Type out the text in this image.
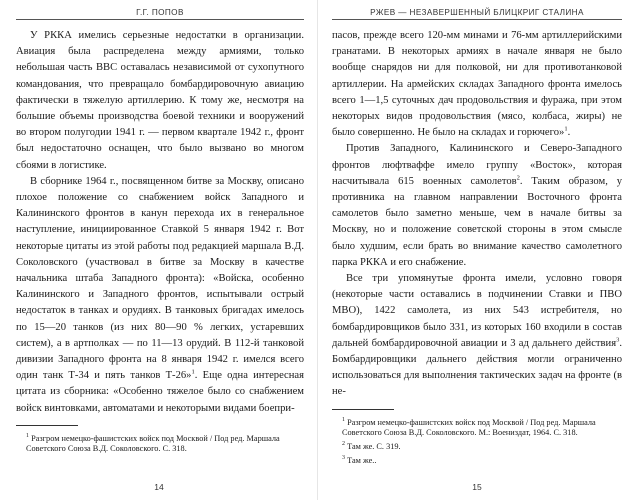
Г.Г. ПОПОВ

У РККА имелись серьезные недостатки в организации. Авиация была распределена между армиями, только небольшая часть ВВС оставалась независимой от сухопутного командования, что превращало бомбардировочную авиацию фактически в тяжелую артиллерию. К тому же, несмотря на большие объемы производства боевой техники и вооружений во втором полугодии 1941 г. — первом квартале 1942 г., фронт был недостаточно оснащен, что было вызвано во многом сбоями в логистике.

В сборнике 1964 г., посвященном битве за Москву, описано плохое положение со снабжением войск Западного и Калининского фронтов в канун перехода их в генеральное наступление, инициированное Ставкой 5 января 1942 г. Вот некоторые цитаты из этой работы под редакцией маршала В.Д. Соколовского (участвовал в битве за Москву в качестве начальника штаба Западного фронта): «Войска, особенно Калининского и Западного фронтов, испытывали острый недостаток в танках и орудиях. В танковых бригадах имелось по 15—20 танков (из них 80—90 % легких, устаревших систем), а в артполках — по 11—13 орудий. В 112-й танковой дивизии Западного фронта на 8 января 1942 г. имелся всего один танк Т-34 и пять танков Т-26»$^1$. Еще одна интересная цитата из сборника: «Особенно тяжелое было со снабжением войск винтовками, автоматами и некоторыми видами боепри-

$^1$ Разгром немецко-фашистских войск под Москвой / Под ред. Маршала Советского Союза В.Д. Соколовского. С. 318.

14
РЖЕВ — НЕЗАВЕРШЕННЫЙ БЛИЦКРИГ СТАЛИНА

пасов, прежде всего 120-мм минами и 76-мм артиллерийскими гранатами. В некоторых армиях в начале января не было вообще снарядов ни для полковой, ни для противотанковой артиллерии. На армейских складах Западного фронта имелось всего 1—1,5 суточных дач продовольствия и фуража, при этом некоторых видов продовольствия (мясо, колбаса, жиры) не было совершенно. Не было на складах и горючего»$^1$.

Против Западного, Калининского и Северо-Западного фронтов люфтваффе имело группу «Восток», которая насчитывала 615 военных самолетов$^2$. Таким образом, у противника на главном направлении Восточного фронта самолетов было заметно меньше, чем в начале битвы за Москву, но и положение советской стороны в этом смысле было худшим, если брать во внимание качество самолетного парка РККА и его снабжение.

Все три упомянутые фронта имели, условно говоря (некоторые части оставались в подчинении Ставки и ПВО МВО), 1422 самолета, из них 543 истребителя, но бомбардировщиков было 331, из которых 160 входили в состав дальней бомбардировочной авиации и 3 ад дальнего действия$^3$. Бомбардировщики дальнего действия могли ограниченно использоваться для выполнения тактических задач на фронте (в не-

$^1$ Разгром немецко-фашистских войск под Москвой / Под ред. Маршала Советского Союза В.Д. Соколовского. М.: Воениздат, 1964. С. 318.

$^2$ Там же. С. 319.

$^3$ Там же..

15
